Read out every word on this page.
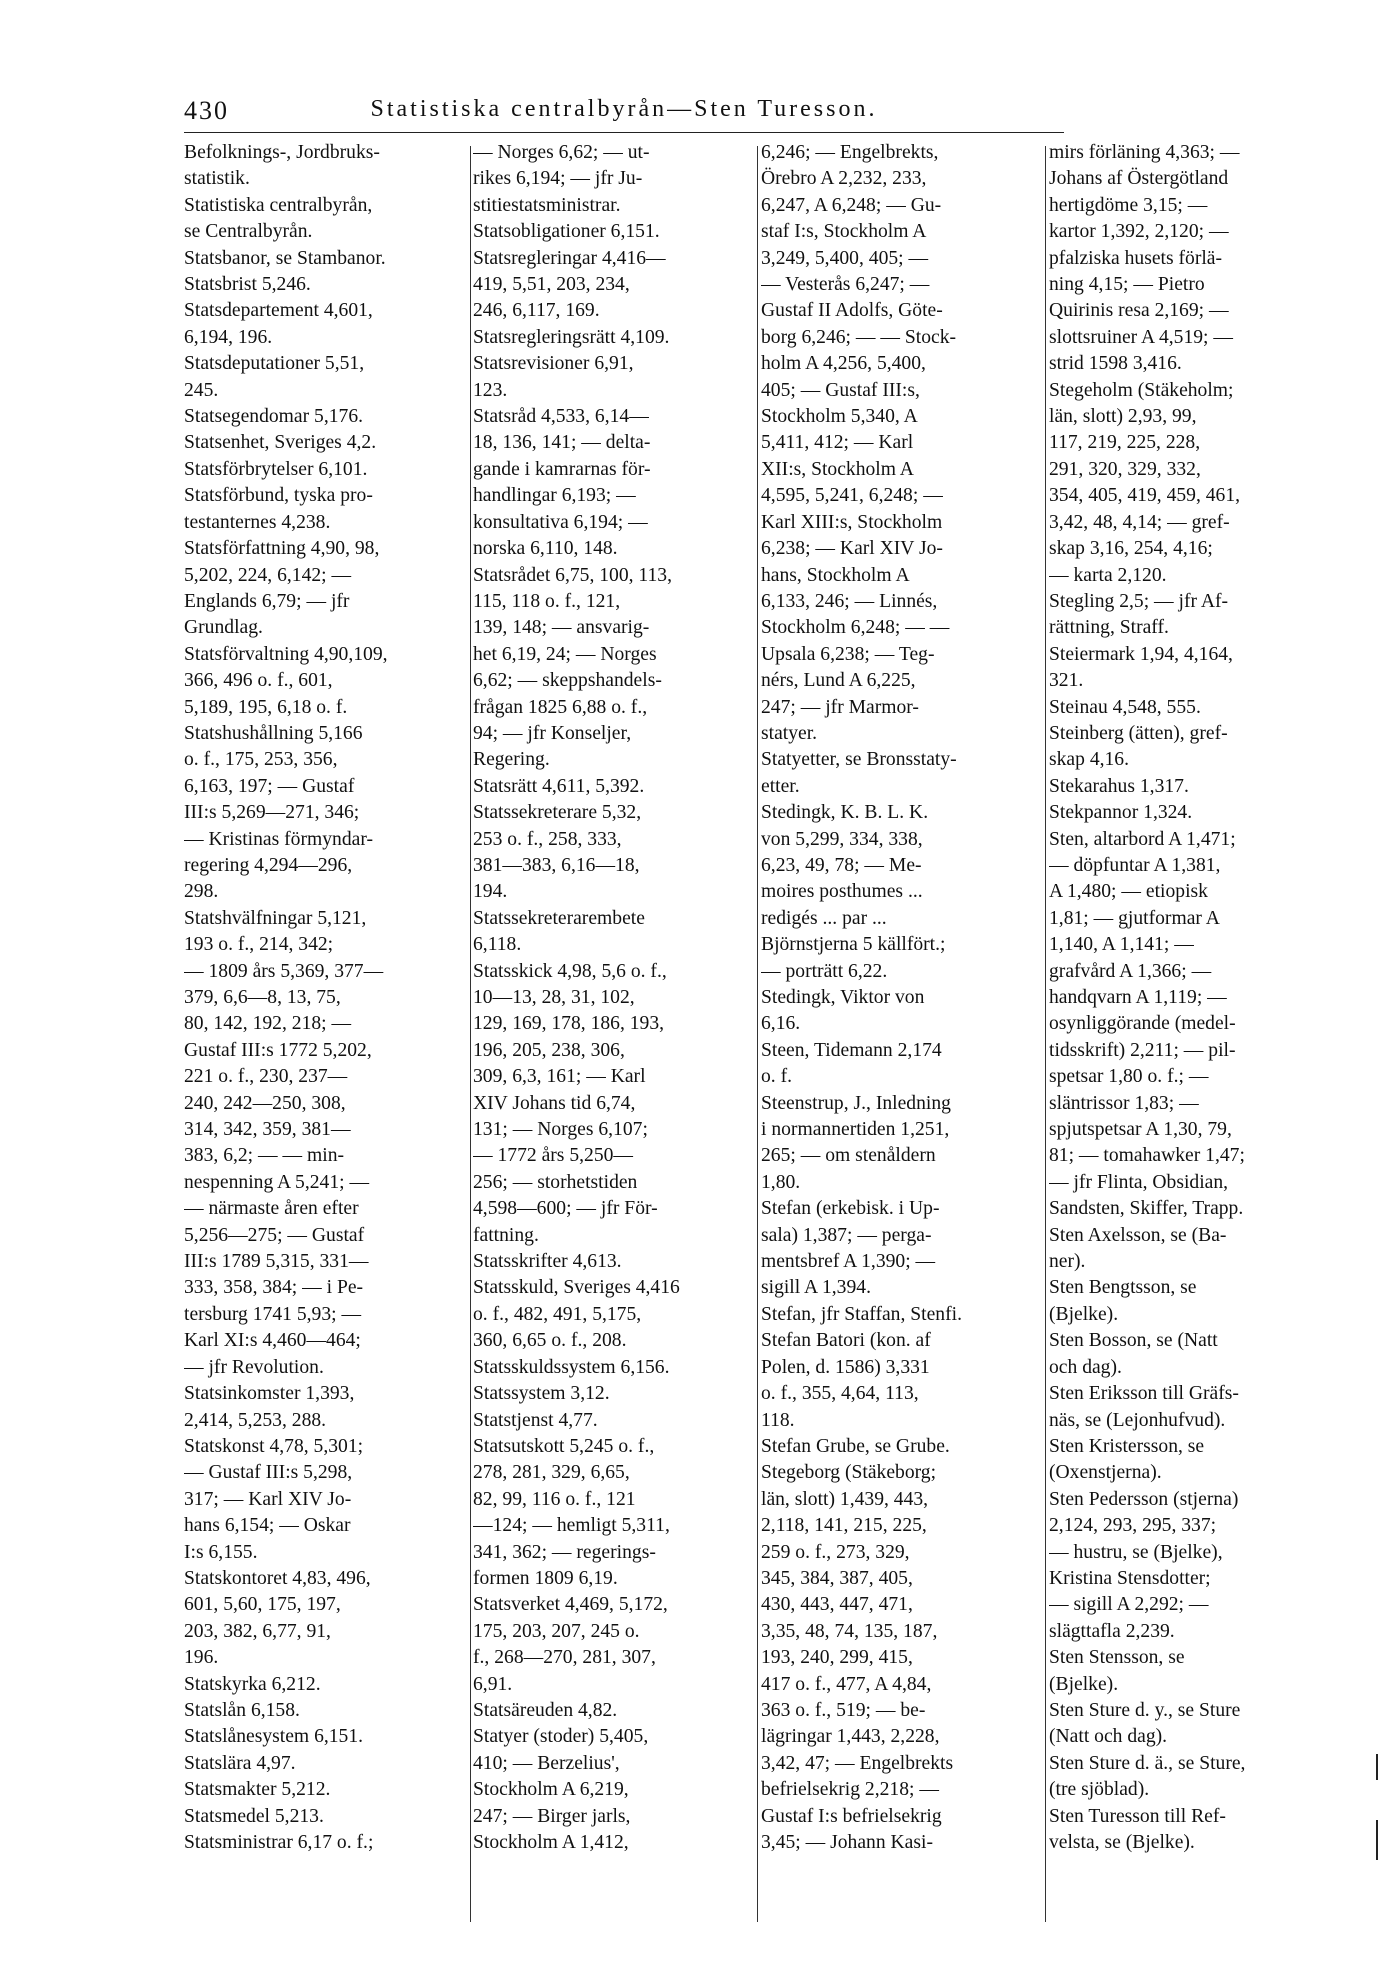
430	Statistiska centralbyrån—Sten Turesson.
Befolknings-, Jordbruks-
statistik.
Statistiska centralbyrån,
se Centralbyrån.
Statsbanor, se Stambanor.
Statsbrist 5,246.
Statsdepartement 4,601,
6,194, 196.
Statsdeputationer 5,51,
245.
Statsegendomar 5,176.
Statsenhet, Sveriges 4,2.
Statsförbrytelser 6,101.
Statsförbund, tyska pro-
testanternes 4,238.
Statsförfattning 4,90, 98,
5,202, 224, 6,142; —
Englands 6,79; — jfr
Grundlag.
Statsförvaltning 4,90,109,
366, 496 o. f., 601,
5,189, 195, 6,18 o. f.
Statshushållning 5,166
o. f., 175, 253, 356,
6,163, 197; — Gustaf
III:s 5,269—271, 346;
— Kristinas förmyndar-
regering 4,294—296,
298.
Statshvälfningar 5,121,
193 o. f., 214, 342;
— 1809 års 5,369, 377—
379, 6,6—8, 13, 75,
80, 142, 192, 218; —
Gustaf III:s 1772 5,202,
221 o. f., 230, 237—
240, 242—250, 308,
314, 342, 359, 381—
383, 6,2; — — min-
nespenning A 5,241; —
— närmaste åren efter
5,256—275; — Gustaf
III:s 1789 5,315, 331—
333, 358, 384; — i Pe-
tersburg 1741 5,93; —
Karl XI:s 4,460—464;
— jfr Revolution.
Statsinkomster 1,393,
2,414, 5,253, 288.
Statskonst 4,78, 5,301;
— Gustaf III:s 5,298,
317; — Karl XIV Jo-
hans 6,154; — Oskar
I:s 6,155.
Statskontoret 4,83, 496,
601, 5,60, 175, 197,
203, 382, 6,77, 91,
196.
Statskyrka 6,212.
Statslån 6,158.
Statslånesystem 6,151.
Statslära 4,97.
Statsmakter 5,212.
Statsmedel 5,213.
Statsministrar 6,17 o. f.;
— Norges 6,62; — ut-
rikes 6,194; — jfr Ju-
stitiestatsministrar.
Statsobligationer 6,151.
Statsregleringar 4,416—
419, 5,51, 203, 234,
246, 6,117, 169.
Statsregleringsrätt 4,109.
Statsrevisioner 6,91,
123.
Statsråd 4,533, 6,14—
18, 136, 141; — delta-
gande i kamrarnas för-
handlingar 6,193; —
konsultativa 6,194; —
norska 6,110, 148.
Statsrådet 6,75, 100, 113,
115, 118 o. f., 121,
139, 148; — ansvarig-
het 6,19, 24; — Norges
6,62; — skeppshandels-
frågan 1825 6,88 o. f.,
94; — jfr Konseljer,
Regering.
Statsrätt 4,611, 5,392.
Statssekreterare 5,32,
253 o. f., 258, 333,
381—383, 6,16—18,
194.
Statssekreterarembete
6,118.
Statsskick 4,98, 5,6 o. f.,
10—13, 28, 31, 102,
129, 169, 178, 186, 193,
196, 205, 238, 306,
309, 6,3, 161; — Karl
XIV Johans tid 6,74,
131; — Norges 6,107;
— 1772 års 5,250—
256; — storhetstiden
4,598—600; — jfr För-
fattning.
Statsskrifter 4,613.
Statsskuld, Sveriges 4,416
o. f., 482, 491, 5,175,
360, 6,65 o. f., 208.
Statsskuldssystem 6,156.
Statssystem 3,12.
Statstjenst 4,77.
Statsutskott 5,245 o. f.,
278, 281, 329, 6,65,
82, 99, 116 o. f., 121
—124; — hemligt 5,311,
341, 362; — regerings-
formen 1809 6,19.
Statsverket 4,469, 5,172,
175, 203, 207, 245 o.
f., 268—270, 281, 307,
6,91.
Statsäreuden 4,82.
Statyer (stoder) 5,405,
410; — Berzelius',
Stockholm A 6,219,
247; — Birger jarls,
Stockholm A 1,412,
6,246; — Engelbrekts,
Örebro A 2,232, 233,
6,247, A 6,248; — Gu-
staf I:s, Stockholm A
3,249, 5,400, 405; —
— Vesterås 6,247; —
Gustaf II Adolfs, Göte-
borg 6,246; — — Stock-
holm A 4,256, 5,400,
405; — Gustaf III:s,
Stockholm 5,340, A
5,411, 412; — Karl
XII:s, Stockholm A
4,595, 5,241, 6,248; —
Karl XIII:s, Stockholm
6,238; — Karl XIV Jo-
hans, Stockholm A
6,133, 246; — Linnés,
Stockholm 6,248; — —
Upsala 6,238; — Teg-
nérs, Lund A 6,225,
247; — jfr Marmor-
statyer.
Statyetter, se Bronsstaty-
etter.
Stedingk, K. B. L. K.
von 5,299, 334, 338,
6,23, 49, 78; — Me-
moires posthumes ...
redigés ... par ...
Björnstjerna 5 källfört.;
— porträtt 6,22.
Stedingk, Viktor von
6,16.
Steen, Tidemann 2,174
o. f.
Steenstrup, J., Inledning
i normannertiden 1,251,
265; — om stenåldern
1,80.
Stefan (erkebisk. i Up-
sala) 1,387; — perga-
mentsbref A 1,390; —
sigill A 1,394.
Stefan, jfr Staffan, Stenfi.
Stefan Batori (kon. af
Polen, d. 1586) 3,331
o. f., 355, 4,64, 113,
118.
Stefan Grube, se Grube.
Stegeborg (Stäkeborg;
län, slott) 1,439, 443,
2,118, 141, 215, 225,
259 o. f., 273, 329,
345, 384, 387, 405,
430, 443, 447, 471,
3,35, 48, 74, 135, 187,
193, 240, 299, 415,
417 o. f., 477, A 4,84,
363 o. f., 519; — be-
lägringar 1,443, 2,228,
3,42, 47; — Engelbrekts
befrielsekrig 2,218; —
Gustaf I:s befrielsekrig
3,45; — Johann Kasi-
mirs förläning 4,363; —
Johans af Östergötland
hertigdöme 3,15; —
kartor 1,392, 2,120; —
pfalziska husets förlä-
ning 4,15; — Pietro
Quirinis resa 2,169; —
slottsruiner A 4,519; —
strid 1598 3,416.
Stegeholm (Stäkeholm;
län, slott) 2,93, 99,
117, 219, 225, 228,
291, 320, 329, 332,
354, 405, 419, 459, 461,
3,42, 48, 4,14; — gref-
skap 3,16, 254, 4,16;
— karta 2,120.
Stegling 2,5; — jfr Af-
rättning, Straff.
Steiermark 1,94, 4,164,
321.
Steinau 4,548, 555.
Steinberg (ätten), gref-
skap 4,16.
Stekarahus 1,317.
Stekpannor 1,324.
Sten, altarbord A 1,471;
— döpfuntar A 1,381,
A 1,480; — etiopisk
1,81; — gjutformar A
1,140, A 1,141; —
grafvård A 1,366; —
handqvarn A 1,119; —
osynliggörande (medel-
tidsskrift) 2,211; — pil-
spetsar 1,80 o. f.; —
släntrissor 1,83; —
spjutspetsar A 1,30, 79,
81; — tomahawker 1,47;
— jfr Flinta, Obsidian,
Sandsten, Skiffer, Trapp.
Sten Axelsson, se (Ba-
ner).
Sten Bengtsson, se
(Bjelke).
Sten Bosson, se (Natt
och dag).
Sten Eriksson till Gräfs-
näs, se (Lejonhufvud).
Sten Kristersson, se
(Oxenstjerna).
Sten Pedersson (stjerna)
2,124, 293, 295, 337;
— hustru, se (Bjelke),
Kristina Stensdotter;
— sigill A 2,292; —
slägttafla 2,239.
Sten Stensson, se
(Bjelke).
Sten Sture d. y., se Sture
(Natt och dag).
Sten Sture d. ä., se Sture,
(tre sjöblad).
Sten Turesson till Ref-
velsta, se (Bjelke).
